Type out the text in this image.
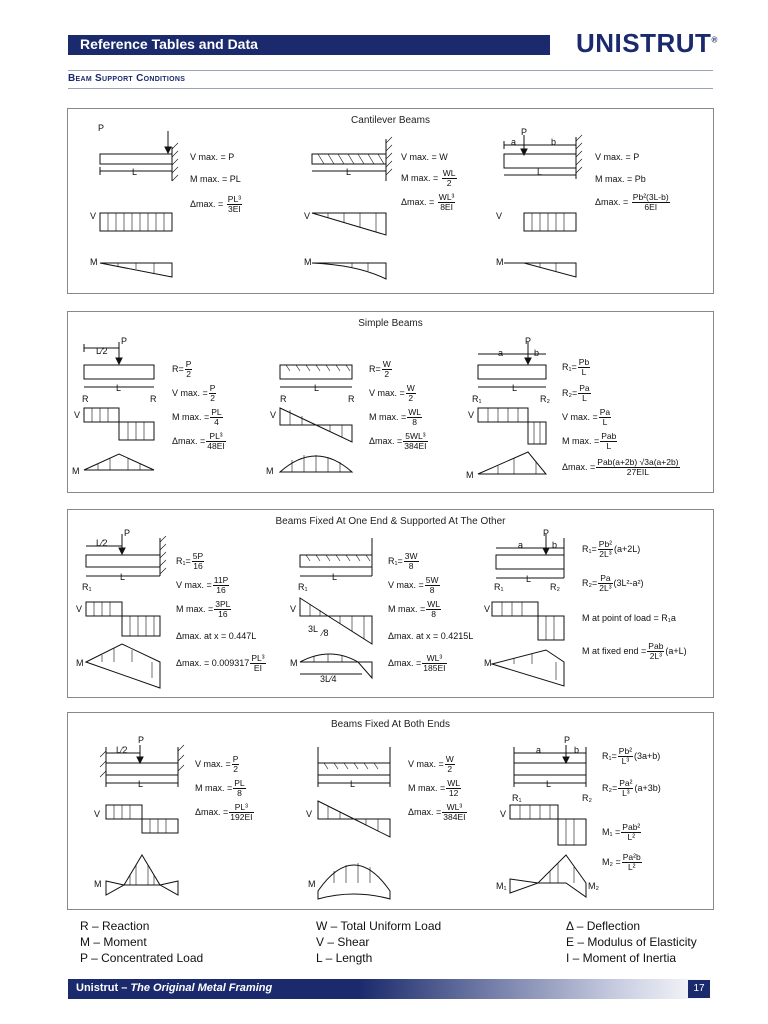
Reference Tables and Data	UNISTRUT®
Beam Support Conditions
Cantilever Beams
P
L
V
M
V
M
L
P
a	b
L
V
M
V max. = P
M max. = PL
Δmax. = $\frac{\text{PL³}}{3EI}$
V max. = W
M max. = $\frac{WL}{2}$
Δmax. = $\frac{\text{WL³}}{8EI}$
V max. = P
M max. = Pb
Δmax. = $\frac{\text{Pb²(3L-b)}}{6EI}$
Simple Beams
P
L⁄2
L
R	R
V
M
R	R
V
M
L
P
a	b
L
R₁	R₂
V
M
$R= \frac{P}{2}$
V max. = $\frac{P}{2}$
M max. = $\frac{PL}{4}$
Δmax. = $\frac{\text{PL³}}{48EI}$
$R= \frac{W}{2}$
V max. = $\frac{W}{2}$
M max. = $\frac{WL}{8}$
Δmax. = $\frac{\text{5WL³}}{384EI}$
$R_1= \frac{Pb}{L}$
$R_2= \frac{Pa}{L}$
V max. = $\frac{Pa}{L}$
M max. = $\frac{\text{Pab}}{L}$
Δmax. = $\frac{\text{Pab(a+2b) √3a(a+2b)}}{\text{27EIL}}$
Beams Fixed At One End & Supported At The Other
P
L⁄2
L
R₁
V
M
R₁
L
V
M
3L ⁄8
3L⁄4
P
a	b
L
R₁	R₂
V
M
$R_1= \frac{5P}{16}$
V max. = $\frac{11P}{16}$
M max. = $\frac{3PL}{16}$
Δmax. at x = 0.447L
Δmax. = $0.009317 \frac{\text{PL³}}{EI}$
$R_1= \frac{3W}{8}$
V max. = $\frac{5W}{8}$
M max. = $\frac{WL}{8}$
Δmax. at x = 0.4215L
Δmax. = $\frac{\text{WL³}}{185EI}$
$R_1= \frac{\text{Pb²}}{\text{2L³}} (a+2L)$
$R_2= \frac{Pa}{\text{2L³}} (3L^2-a^2)$
M at point of load = R₁a
M at fixed end = $\frac{\text{Pab}}{\text{2L³}} (a+L)$
Beams Fixed At Both Ends
P
L⁄2
L
V
M
L
V
M
P
a	b
L
R₁	R₂
V
M₁	M₂
V max. = $\frac{P}{2}$
M max. = $\frac{PL}{8}$
Δmax. = $\frac{\text{PL³}}{192EI}$
V max. = $\frac{W}{2}$
M max. = $\frac{WL}{12}$
Δmax. = $\frac{\text{WL³}}{384EI}$
$R_1= \frac{\text{Pb²}}{\text{L³}} (3a+b)$
$R_2= \frac{\text{Pa²}}{\text{L³}} (a+3b)$
$M_1 = \frac{\text{Pab²}}{\text{L²}}$
$M_2 = \frac{\text{Pa²b}}{\text{L²}}$
R – Reaction
M – Moment
P – Concentrated Load
W – Total Uniform Load
V – Shear
L – Length
Δ – Deflection
E – Modulus of Elasticity
I – Moment of Inertia
Unistrut – The Original Metal Framing	17
